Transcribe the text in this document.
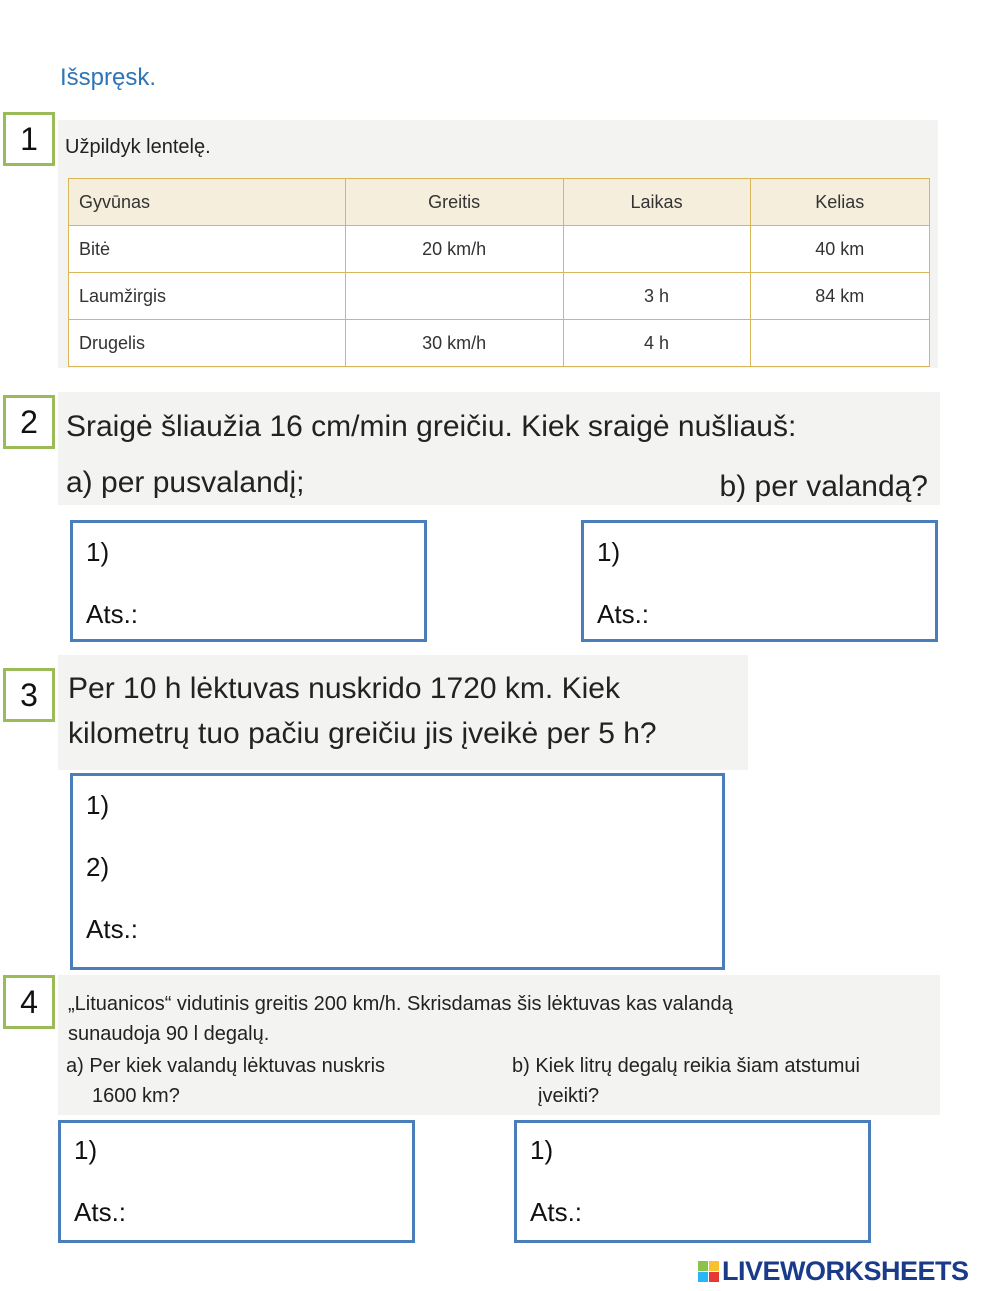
Išspręsk.
1	Užpildyk lentelę.
Gyvūnas	Greitis	Laikas	Kelias
Bitė	20 km/h		40 km
Laumžirgis		3 h	84 km
Drugelis	30 km/h	4 h	
2 Sraigė šliaužia 16 cm/min greičiu. Kiek sraigė nušliauš:
a) per pusvalandį;	b) per valandą?
1)
Ats.:
1)
Ats.:
3	Per 10 h lėktuvas nuskrido 1720 km. Kiek
kilometrų tuo pačiu greičiu jis įveikė per 5 h?
1)
2)
Ats.:
4	„Lituanicos“ vidutinis greitis 200 km/h. Skrisdamas šis lėktuvas kas valandą
sunaudoja 90 l degalų.
a) Per kiek valandų lėktuvas nuskris
1600 km?
b) Kiek litrų degalų reikia šiam atstumui
įveikti?
1)
Ats.:
1)
Ats.:
LIVEWORKSHEETS
